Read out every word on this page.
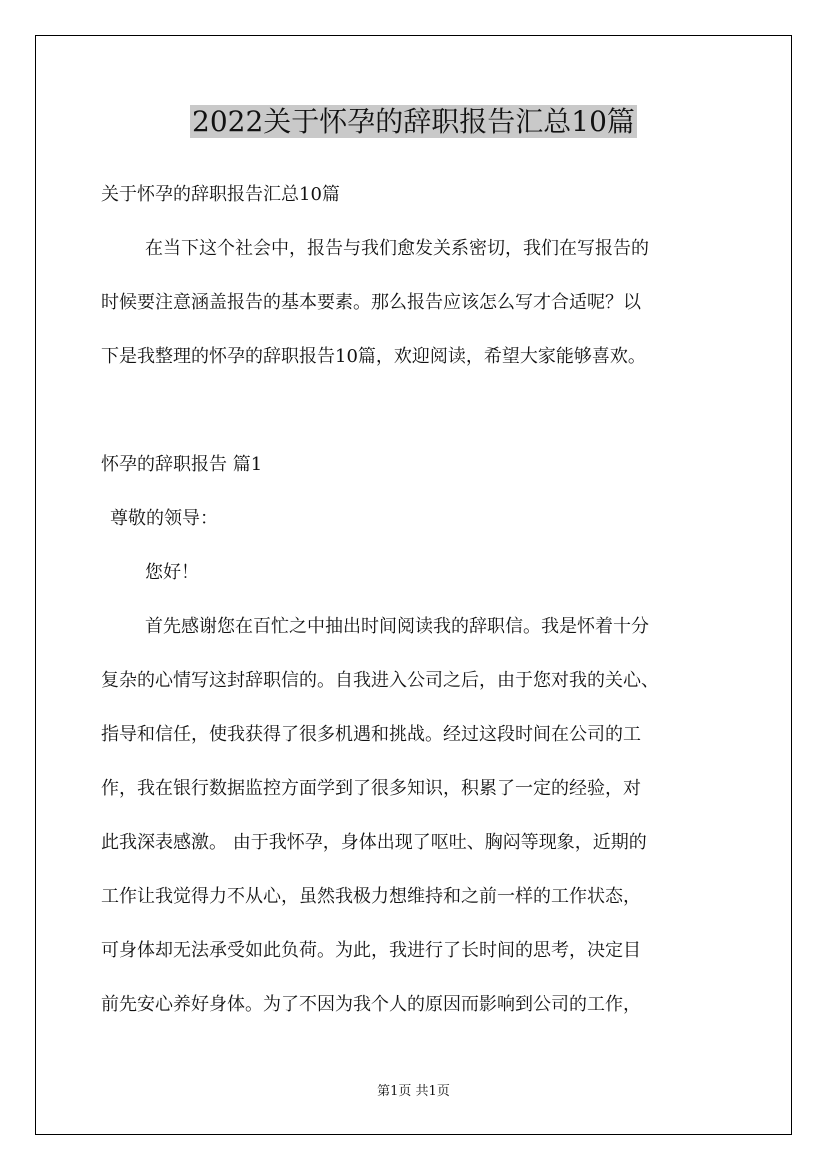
2022关于怀孕的辞职报告汇总10篇

关于怀孕的辞职报告汇总10篇

在当下这个社会中，报告与我们愈发关系密切，我们在写报告的

时候要注意涵盖报告的基本要素。那么报告应该怎么写才合适呢？以

下是我整理的怀孕的辞职报告10篇，欢迎阅读，希望大家能够喜欢。

怀孕的辞职报告 篇1

尊敬的领导：

您好！

首先感谢您在百忙之中抽出时间阅读我的辞职信。我是怀着十分

复杂的心情写这封辞职信的。自我进入公司之后，由于您对我的关心、

指导和信任，使我获得了很多机遇和挑战。经过这段时间在公司的工

作，我在银行数据监控方面学到了很多知识，积累了一定的经验，对

此我深表感激。 由于我怀孕，身体出现了呕吐、胸闷等现象，近期的

工作让我觉得力不从心，虽然我极力想维持和之前一样的工作状态，

可身体却无法承受如此负荷。为此，我进行了长时间的思考，决定目

前先安心养好身体。为了不因为我个人的原因而影响到公司的工作，

第1页 共1页
